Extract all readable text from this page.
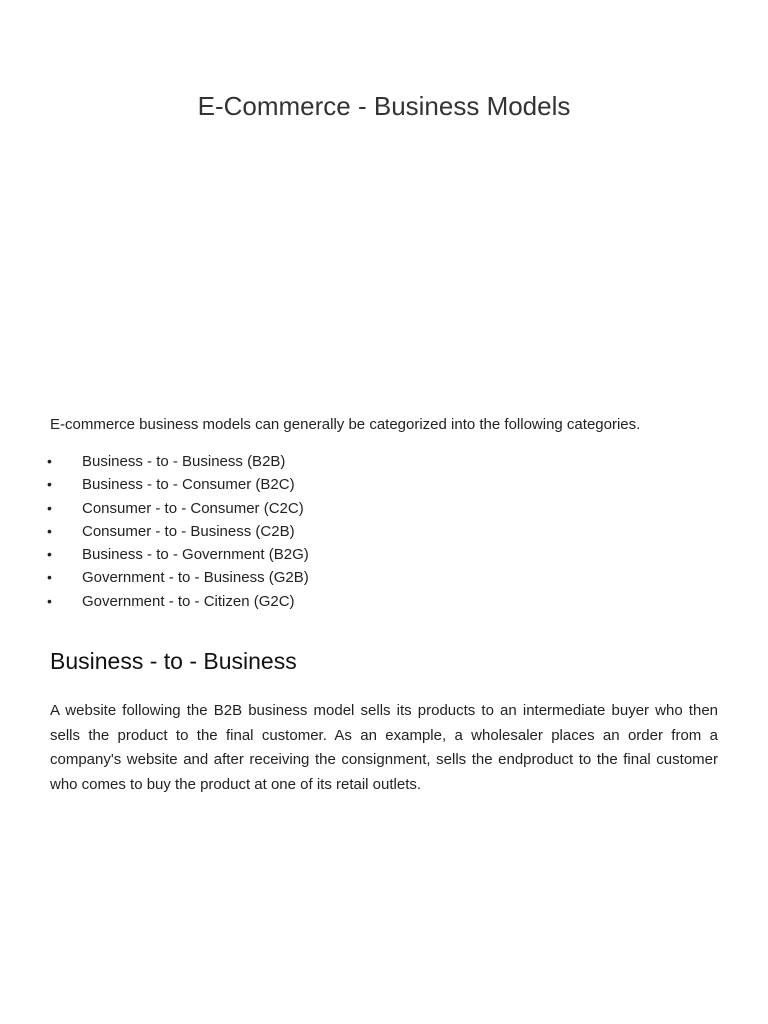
E-Commerce - Business Models

E-commerce business models can generally be categorized into the following categories.

• Business - to - Business (B2B)
• Business - to - Consumer (B2C)
• Consumer - to - Consumer (C2C)
• Consumer - to - Business (C2B)
• Business - to - Government (B2G)
• Government - to - Business (G2B)
• Government - to - Citizen (G2C)
Business - to - Business

A website following the B2B business model sells its products to an intermediate buyer who then sells the product to the final customer. As an example, a wholesaler places an order from a company's website and after receiving the consignment, sells the endproduct to the final customer who comes to buy the product at one of its retail outlets.
